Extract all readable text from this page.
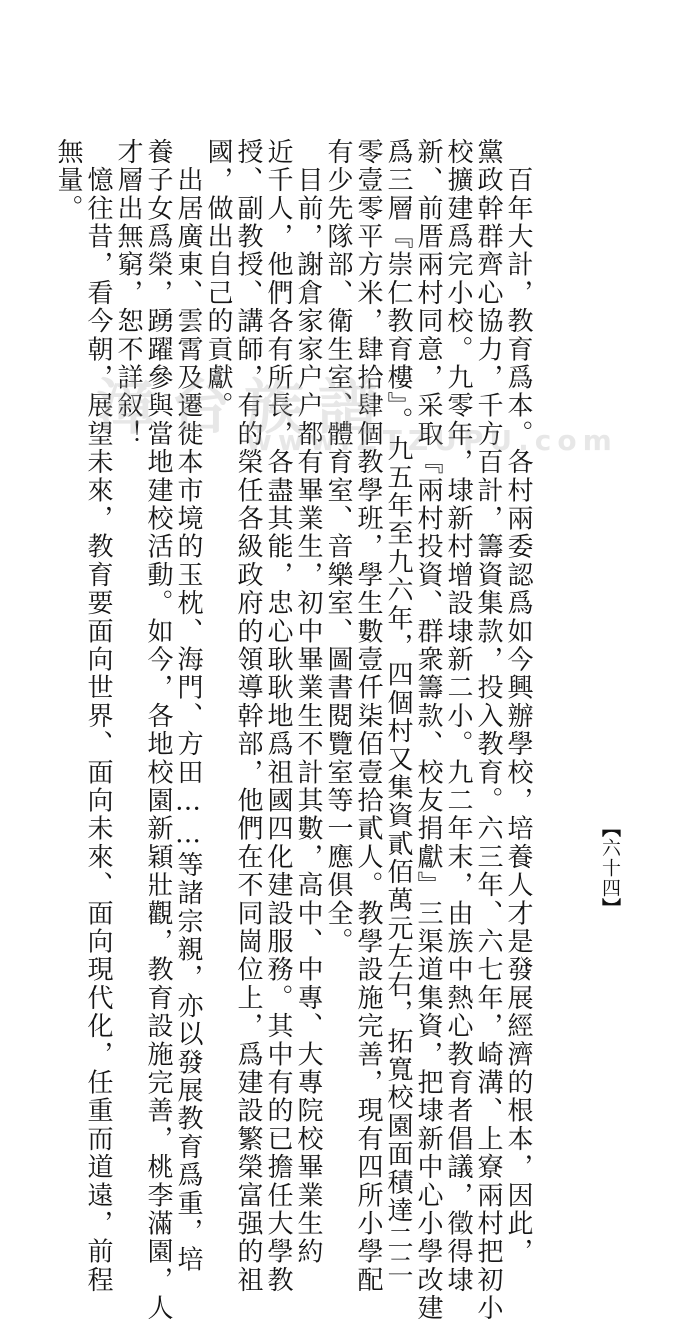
　百年大計，教育爲本。各村兩委認爲如今興辦學校，培養人才是發展經濟的根本，因此，
黨政幹群齊心協力，千方百計，籌資集款，投入教育。六三年、六七年，崎溝、上寮兩村把初小
校擴建爲完小校。九零年，埭新村增設埭新二小。九二年末，由族中熱心教育者倡議，徵得埭
新、前厝兩村同意，采取『兩村投資、群衆籌款、校友捐獻』三渠道集資，把埭新中心小學改建
爲三層『崇仁教育樓』。九五年至九六年，四個村又集資貳佰萬元左右，拓寬校園面積達二二
零壹零平方米，肆拾肆個教學班，學生數壹仟柒佰壹拾貳人。教學設施完善，現有四所小學配
有少先隊部、衛生室、體育室、音樂室、圖書閱覽室等一應俱全。
　目前，謝倉家家户户都有畢業生，初中畢業生不計其數，高中、中專、大專院校畢業生約
近千人，他們各有所長，各盡其能，忠心耿耿地爲祖國四化建設服務。其中有的已擔任大學教
授、副教授、講師，有的榮任各級政府的領導幹部，他們在不同崗位上，爲建設繁榮富强的祖
國，做出自己的貢獻。
　出居廣東、雲霄及遷徙本市境的玉枕、海門、方田……等諸宗親，亦以發展教育爲重，培
養子女爲榮，踴躍參與當地建校活動。如今，各地校園新穎壯觀，教育設施完善，桃李滿園，人
才層出無窮，恕不詳叙！
　憶往昔，看今朝，展望未來，教育要面向世界、面向未來、面向現代化，任重而道遠，前程
無量。
【六十四】
漳台族譜
www.ZTZUPU.com
